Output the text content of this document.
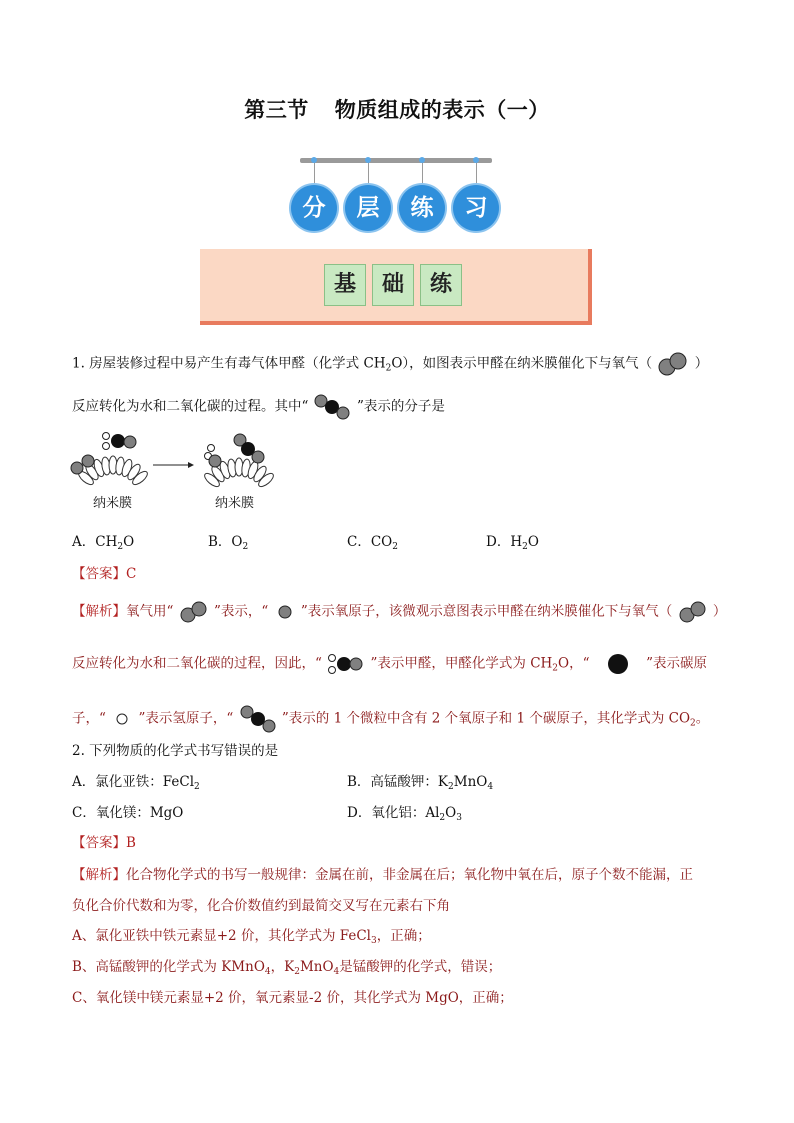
第三节 物质组成的表示（一）
分	层	练	习
基	础	练
1. 房屋装修过程中易产生有毒气体甲醛（化学式 $CH_2O$），如图表示甲醛在纳米膜催化下与氧气（	）
反应转化为水和二氧化碳的过程。其中“	”表示的分子是
纳米膜	纳米膜
A．$CH_2O$	B．$O_2$	C．$CO_2$	D．$H_2O$
【答案】C
【解析】氧气用“	”表示，“ ”表示氧原子，该微观示意图表示甲醛在纳米膜催化下与氧气（	）
反应转化为水和二氧化碳的过程，因此，“	”表示甲醛，甲醛化学式为 $CH_2O$，“	”表示碳原
子，“ ”表示氢原子，“	”表示的 1 个微粒中含有 2 个氧原子和 1 个碳原子，其化学式为 $CO_2$。
2. 下列物质的化学式书写错误的是
A．氯化亚铁：FeCl$_2$	B．高锰酸钾：$K_2MnO_4$
C．氧化镁：MgO	D．氧化铝：$Al_2O_3$
【答案】B
【解析】化合物化学式的书写一般规律：金属在前，非金属在后；氧化物中氧在后，原子个数不能漏，正
负化合价代数和为零，化合价数值约到最简交叉写在元素右下角
A、氯化亚铁中铁元素显+2 价，其化学式为 FeCl$_3$，正确；
B、高锰酸钾的化学式为 KMnO$_4$，$K_2MnO_4$是锰酸钾的化学式，错误；
C、氧化镁中镁元素显+2 价，氧元素显-2 价，其化学式为 MgO，正确；
